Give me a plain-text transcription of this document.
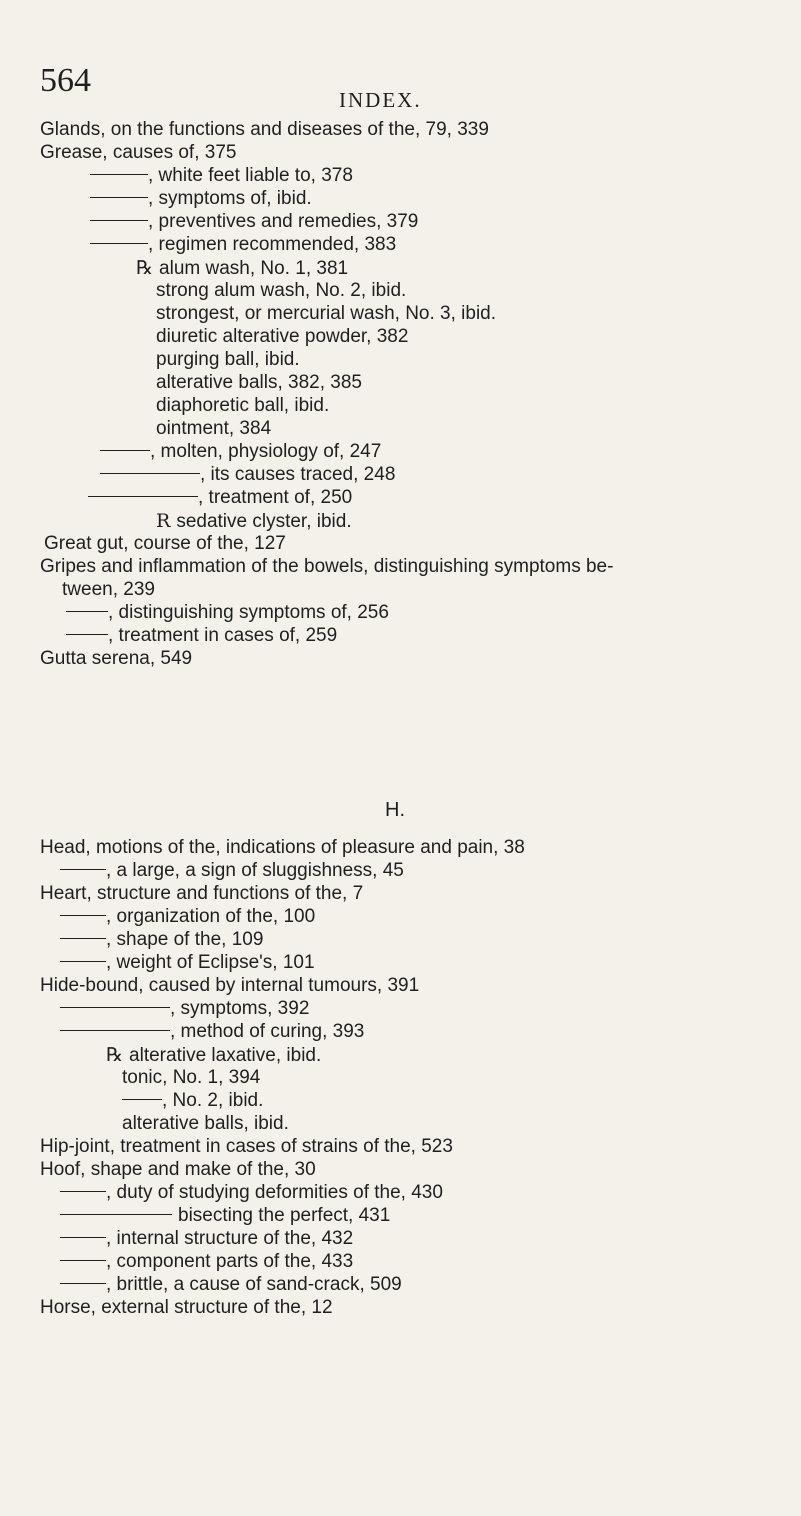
564
INDEX.
Glands, on the functions and diseases of the, 79, 339
Grease, causes of, 375
, white feet liable to, 378
, symptoms of, ibid.
, preventives and remedies, 379
, regimen recommended, 383
℞ alum wash, No. 1, 381
strong alum wash, No. 2, ibid.
strongest, or mercurial wash, No. 3, ibid.
diuretic alterative powder, 382
purging ball, ibid.
alterative balls, 382, 385
diaphoretic ball, ibid.
ointment, 384
, molten, physiology of, 247
, its causes traced, 248
, treatment of, 250
R sedative clyster, ibid.
Great gut, course of the, 127
Gripes and inflammation of the bowels, distinguishing symptoms be-
tween, 239
, distinguishing symptoms of, 256
, treatment in cases of, 259
Gutta serena, 549
H.
Head, motions of the, indications of pleasure and pain, 38
, a large, a sign of sluggishness, 45
Heart, structure and functions of the, 7
, organization of the, 100
, shape of the, 109
, weight of Eclipse's, 101
Hide-bound, caused by internal tumours, 391
, symptoms, 392
, method of curing, 393
℞ alterative laxative, ibid.
tonic, No. 1, 394
, No. 2, ibid.
alterative balls, ibid.
Hip-joint, treatment in cases of strains of the, 523
Hoof, shape and make of the, 30
, duty of studying deformities of the, 430
bisecting the perfect, 431
, internal structure of the, 432
, component parts of the, 433
, brittle, a cause of sand-crack, 509
Horse, external structure of the, 12
